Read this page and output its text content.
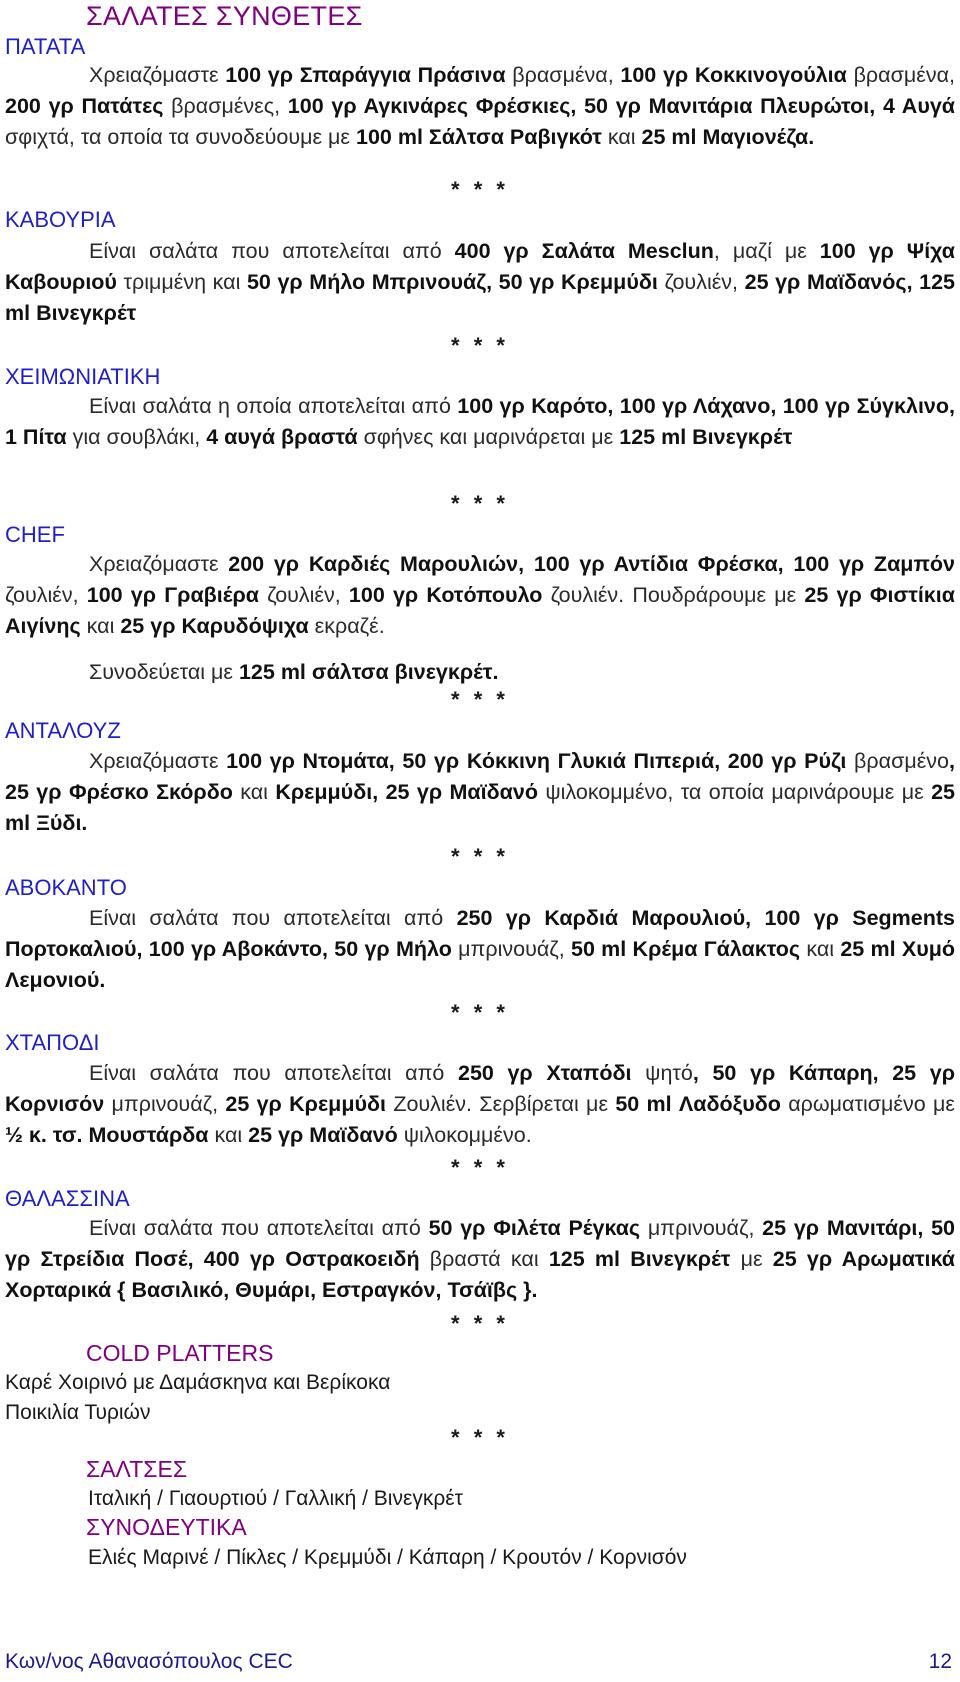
ΣΑΛΑΤΕΣ ΣΥΝΘΕΤΕΣ
ΠΑΤΑΤΑ

Χρειαζόμαστε 100 γρ Σπαράγγια Πράσινα βρασμένα, 100 γρ Κοκκινογούλια βρασμένα, 200 γρ Πατάτες βρασμένες, 100 γρ Αγκινάρες Φρέσκιες, 50 γρ Μανιτάρια Πλευρώτοι, 4 Αυγά σφιχτά, τα οποία τα συνοδεύουμε με 100 ml Σάλτσα Ραβιγκότ και 25 ml Μαγιονέζα.

* * *

ΚΑΒΟΥΡΙΑ

Είναι σαλάτα που αποτελείται από 400 γρ Σαλάτα Mesclun, μαζί με 100 γρ Ψίχα Καβουριού τριμμένη και 50 γρ Μήλο Μπρινουάζ, 50 γρ Κρεμμύδι ζουλιέν, 25 γρ Μαϊδανός, 125 ml Βινεγκρέτ

* * *

ΧΕΙΜΩΝΙΑΤΙΚΗ

Είναι σαλάτα η οποία αποτελείται από 100 γρ Καρότο, 100 γρ Λάχανο, 100 γρ Σύγκλινο, 1 Πίτα για σουβλάκι, 4 αυγά βραστά σφήνες και μαρινάρεται με 125 ml Βινεγκρέτ

* * *

CHEF

Χρειαζόμαστε 200 γρ Καρδιές Μαρουλιών, 100 γρ Αντίδια Φρέσκα, 100 γρ Ζαμπόν ζουλιέν, 100 γρ Γραβιέρα ζουλιέν, 100 γρ Κοτόπουλο ζουλιέν. Πουδράρουμε με 25 γρ Φιστίκια Αιγίνης και 25 γρ Καρυδόψιχα εκραζέ.

Συνοδεύεται με 125 ml σάλτσα βινεγκρέτ.

* * *

ΑΝΤΑΛΟΥΖ

Χρειαζόμαστε 100 γρ Ντομάτα, 50 γρ Κόκκινη Γλυκιά Πιπεριά, 200 γρ Ρύζι βρασμένο, 25 γρ Φρέσκο Σκόρδο και Κρεμμύδι, 25 γρ Μαϊδανό ψιλοκομμένο, τα οποία μαρινάρουμε με 25 ml Ξύδι.

* * *

ΑΒΟΚΑΝΤΟ

Είναι σαλάτα που αποτελείται από 250 γρ Καρδιά Μαρουλιού, 100 γρ Segments Πορτοκαλιού, 100 γρ Αβοκάντο, 50 γρ Μήλο μπρινουάζ, 50 ml Κρέμα Γάλακτος και 25 ml Χυμό Λεμονιού.

* * *

ΧΤΑΠΟΔΙ

Είναι σαλάτα που αποτελείται από 250 γρ Χταπόδι ψητό, 50 γρ Κάπαρη, 25 γρ Κορνισόν μπρινουάζ, 25 γρ Κρεμμύδι Ζουλιέν. Σερβίρεται με 50 ml Λαδόξυδο αρωματισμένο με ½ κ. τσ. Μουστάρδα και 25 γρ Μαϊδανό ψιλοκομμένο.

* * *

ΘΑΛΑΣΣΙΝΑ

Είναι σαλάτα που αποτελείται από 50 γρ Φιλέτα Ρέγκας μπρινουάζ, 25 γρ Μανιτάρι, 50 γρ Στρείδια Ποσέ, 400 γρ Οστρακοειδή βραστά και 125 ml Βινεγκρέτ με 25 γρ Αρωματικά Χορταρικά { Βασιλικό, Θυμάρι, Εστραγκόν, Τσάϊβς }.

* * *

COLD PLATTERS

Καρέ Χοιρινό με Δαμάσκηνα και Βερίκοκα

Ποικιλία Τυριών

* * *

ΣΑΛΤΣΕΣ

Ιταλική / Γιαουρτιού / Γαλλική / Βινεγκρέτ

ΣΥΝΟΔΕΥΤΙΚΑ

Ελιές Μαρινέ / Πίκλες / Κρεμμύδι / Κάπαρη / Κρουτόν / Κορνισόν

Κων/νος Αθανασόπουλος CEC	12
